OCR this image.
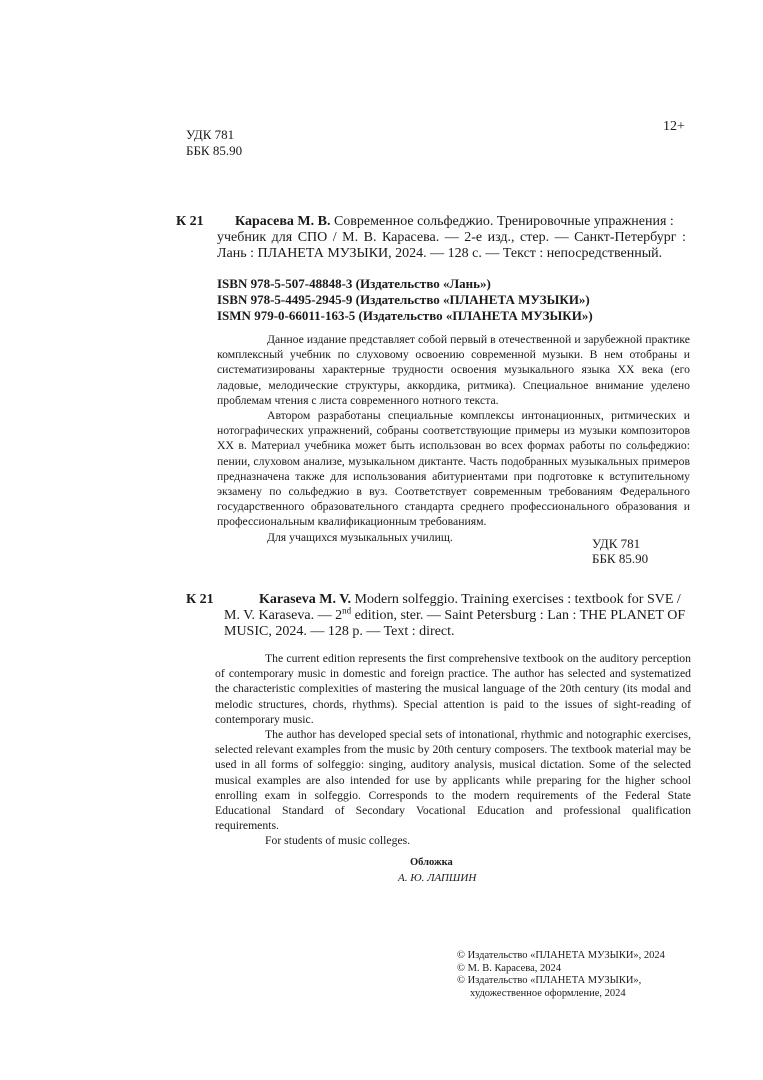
УДК 781
ББК 85.90
12+
К 21 Карасева М. В. Современное сольфеджио. Тренировочные упражнения :
учебник для СПО / М. В. Карасева. — 2-е изд., стер. — Санкт-Петербург :
Лань : ПЛАНЕТА МУЗЫКИ, 2024. — 128 с. — Текст : непосредственный.
ISBN 978-5-507-48848-3 (Издательство «Лань»)
ISBN 978-5-4495-2945-9 (Издательство «ПЛАНЕТА МУЗЫКИ»)
ISMN 979-0-66011-163-5 (Издательство «ПЛАНЕТА МУЗЫКИ»)

Данное издание представляет собой первый в отечественной и зарубежной практике комплексный учебник по слуховому освоению современной музыки. В нем отобраны и систематизированы характерные трудности освоения музыкального языка XX века (его ладовые, мелодические структуры, аккордика, ритмика). Специальное внимание уделено проблемам чтения с листа современного нотного текста.

Автором разработаны специальные комплексы интонационных, ритмических и нотографических упражнений, собраны соответствующие примеры из музыки композиторов XX в. Материал учебника может быть использован во всех формах работы по сольфеджио: пении, слуховом анализе, музыкальном диктанте. Часть подобранных музыкальных примеров предназначена также для использования абитуриентами при подготовке к вступительному экзамену по сольфеджио в вуз. Соответствует современным требованиям Федерального государственного образовательного стандарта среднего профессионального образования и профессиональным квалификационным требованиям.

Для учащихся музыкальных училищ.	УДК 781
ББК 85.90
К 21	Karaseva M. V. Modern solfeggio. Training exercises : textbook for SVE /
M. V. Karaseva. — 2nd edition, ster. — Saint Petersburg : Lan : THE PLANET OF
MUSIC, 2024. — 128 p. — Text : direct.

The current edition represents the first comprehensive textbook on the auditory perception of contemporary music in domestic and foreign practice. The author has selected and systematized the characteristic complexities of mastering the musical language of the 20th century (its modal and melodic structures, chords, rhythms). Special attention is paid to the issues of sight-reading of contemporary music.

The author has developed special sets of intonational, rhythmic and notographic exercises, selected relevant examples from the music by 20th century composers. The textbook material may be used in all forms of solfeggio: singing, auditory analysis, musical dictation. Some of the selected musical examples are also intended for use by applicants while preparing for the higher school enrolling exam in solfeggio. Corresponds to the modern requirements of the Federal State Educational Standard of Secondary Vocational Education and professional qualification requirements.

For students of music colleges.

Обложка
А. Ю. ЛАПШИН
© Издательство «ПЛАНЕТА МУЗЫКИ», 2024
© М. В. Карасева, 2024
© Издательство «ПЛАНЕТА МУЗЫКИ»,
художественное оформление, 2024
